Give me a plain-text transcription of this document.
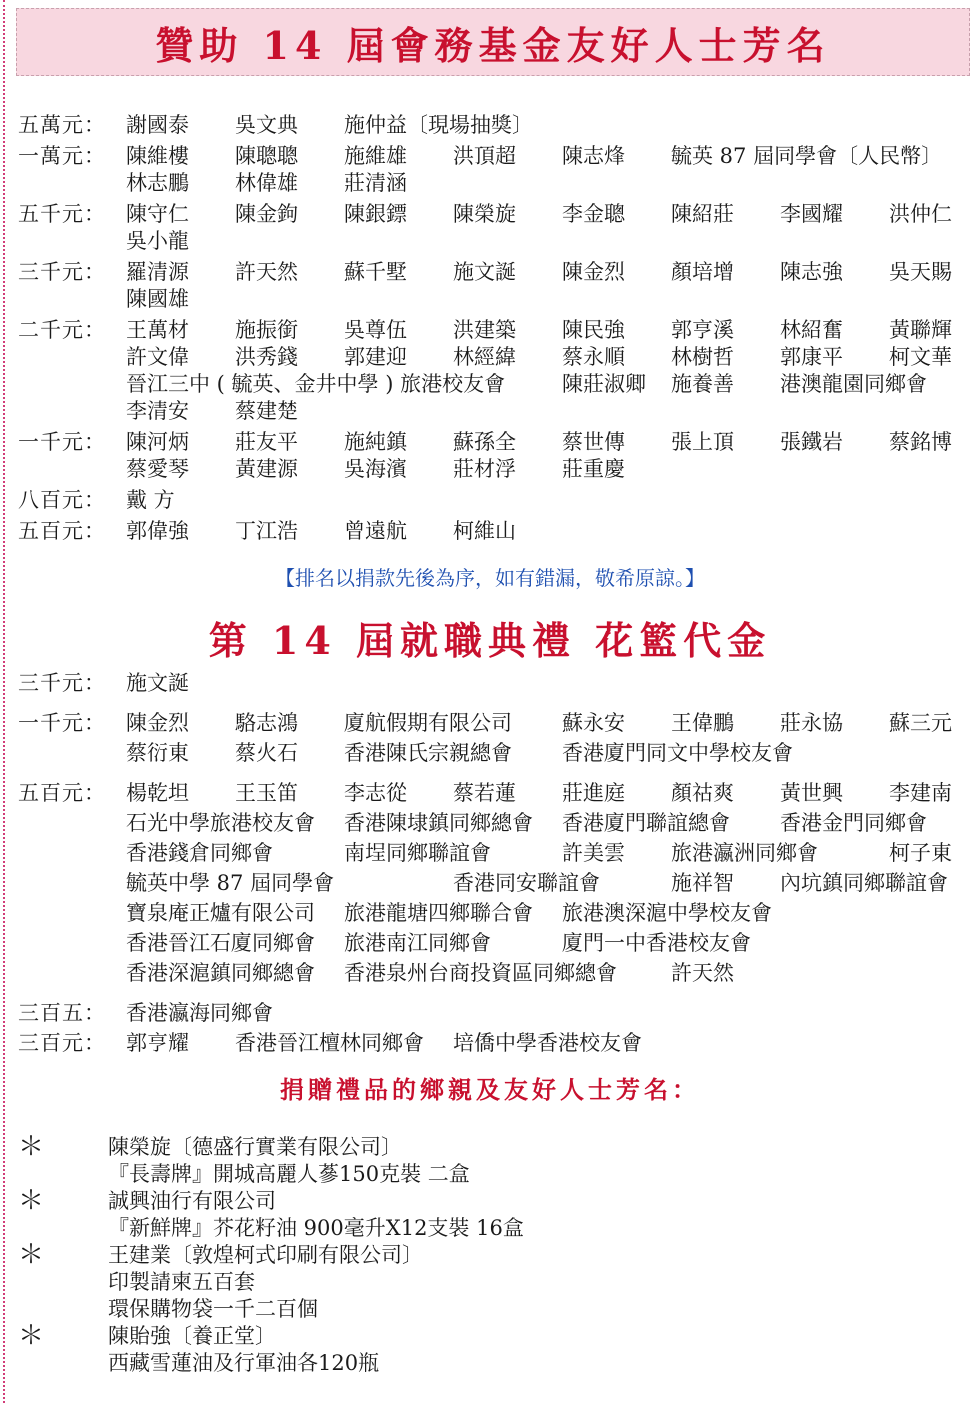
贊助 14 屆會務基金友好人士芳名
五萬元： 謝國泰	吳文典	施仲益〔現場抽獎〕
一萬元： 陳維樓	陳聰聰	施維雄	洪頂超	陳志烽	毓英 87 屆同學會〔人民幣〕
林志鵬	林偉雄	莊清涵
五千元： 陳守仁	陳金鉤	陳銀鏢	陳榮旋	李金聰	陳紹莊	李國耀	洪仲仁
吳小龍
三千元： 羅清源	許天然	蘇千墅	施文誕	陳金烈	顏培增	陳志強	吳天賜
陳國雄
二千元： 王萬材	施振銜	吳尊伍	洪建築	陳民強	郭亨溪	林紹奮	黃聯輝
許文偉	洪秀錢	郭建迎	林經緯	蔡永順	林樹哲	郭康平	柯文華
晉江三中 ( 毓英、金井中學 ) 旅港校友會	陳莊淑卿	施養善	港澳龍園同鄉會
李清安	蔡建楚
一千元： 陳河炳	莊友平	施純鎮	蘇孫全	蔡世傳	張上頂	張鐵岩	蔡銘博
蔡愛琴	黃建源	吳海濱	莊材浮	莊重慶
八百元： 戴 方
五百元： 郭偉強	丁江浩	曾遠航	柯維山
【排名以捐款先後為序，如有錯漏，敬希原諒。】
第 14 屆就職典禮 花籃代金
三千元： 施文誕
一千元： 陳金烈	駱志鴻	廈航假期有限公司	蘇永安	王偉鵬	莊永協	蘇三元
蔡衍東	蔡火石	香港陳氏宗親總會	香港廈門同文中學校友會
五百元： 楊乾坦	王玉笛	李志從	蔡若蓮	莊進庭	顏祜爽	黃世興	李建南
石光中學旅港校友會	香港陳埭鎮同鄉總會	香港廈門聯誼總會	香港金門同鄉會
香港錢倉同鄉會	南埕同鄉聯誼會	許美雲	旅港瀛洲同鄉會	柯子東
毓英中學 87 屆同學會	香港同安聯誼會	施祥智	內坑鎮同鄉聯誼會
寶泉庵正爐有限公司	旅港龍塘四鄉聯合會	旅港澳深滬中學校友會
香港晉江石廈同鄉會	旅港南江同鄉會	廈門一中香港校友會
香港深滬鎮同鄉總會	香港泉州台商投資區同鄉總會	許天然
三百五： 香港瀛海同鄉會
三百元： 郭亨耀	香港晉江檀林同鄉會	培僑中學香港校友會
捐贈禮品的鄉親及友好人士芳名：
＊	陳榮旋〔德盛行實業有限公司〕
『長壽牌』開城高麗人蔘150克裝 二盒
＊	誠興油行有限公司
『新鮮牌』芥花籽油 900毫升X12支裝 16盒
＊	王建業〔敦煌柯式印刷有限公司〕
印製請柬五百套
環保購物袋一千二百個
＊	陳貽強〔養正堂〕
西藏雪蓮油及行軍油各120瓶
